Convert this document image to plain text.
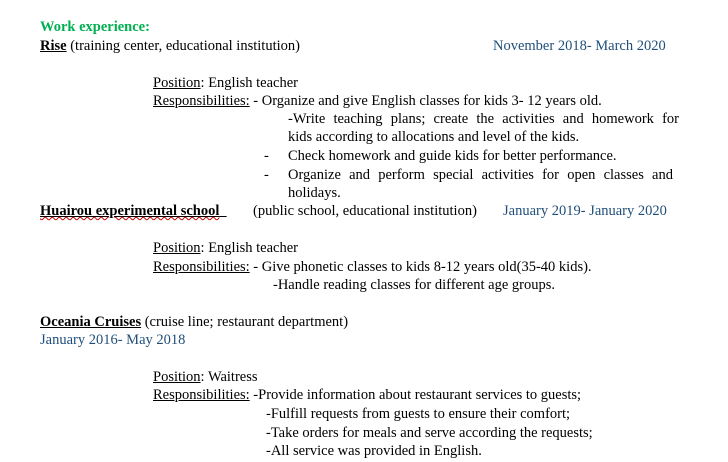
Work experience:
Rise (training center, educational institution)	November 2018- March 2020
Position: English teacher
Responsibilities: - Organize and give English classes for kids 3- 12 years old.
-Write teaching plans; create the activities and homework for
kids according to allocations and level of the kids.
- Check homework and guide kids for better performance.
- Organize and perform special activities for open classes and
holidays.
Huairou experimental school	(public school, educational institution) January 2019- January 2020
Position: English teacher
Responsibilities: - Give phonetic classes to kids 8-12 years old(35-40 kids).
-Handle reading classes for different age groups.
Oceania Cruises (cruise line; restaurant department)
January 2016- May 2018
Position: Waitress
Responsibilities: -Provide information about restaurant services to guests;
-Fulfill requests from guests to ensure their comfort;
-Take orders for meals and serve according the requests;
-All service was provided in English.
